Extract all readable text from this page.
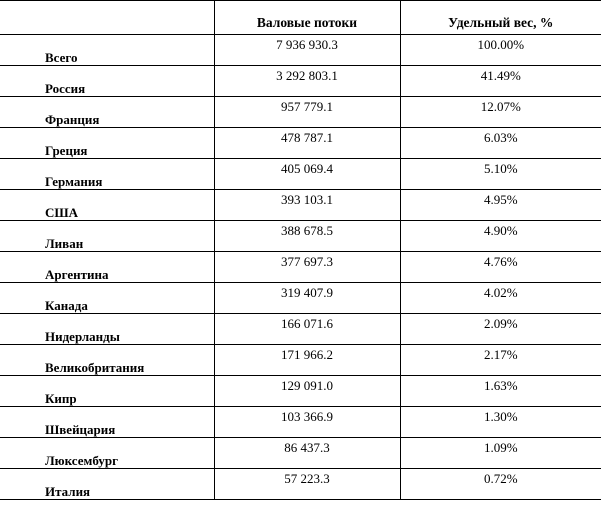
	Валовые потоки	Удельный вес, %
Всего	7 936 930.3	100.00%
Россия	3 292 803.1	41.49%
Франция	957 779.1	12.07%
Греция	478 787.1	6.03%
Германия	405 069.4	5.10%
США	393 103.1	4.95%
Ливан	388 678.5	4.90%
Аргентина	377 697.3	4.76%
Канада	319 407.9	4.02%
Нидерланды	166 071.6	2.09%
Великобритания	171 966.2	2.17%
Кипр	129 091.0	1.63%
Швейцария	103 366.9	1.30%
Люксембург	86 437.3	1.09%
Италия	57 223.3	0.72%
